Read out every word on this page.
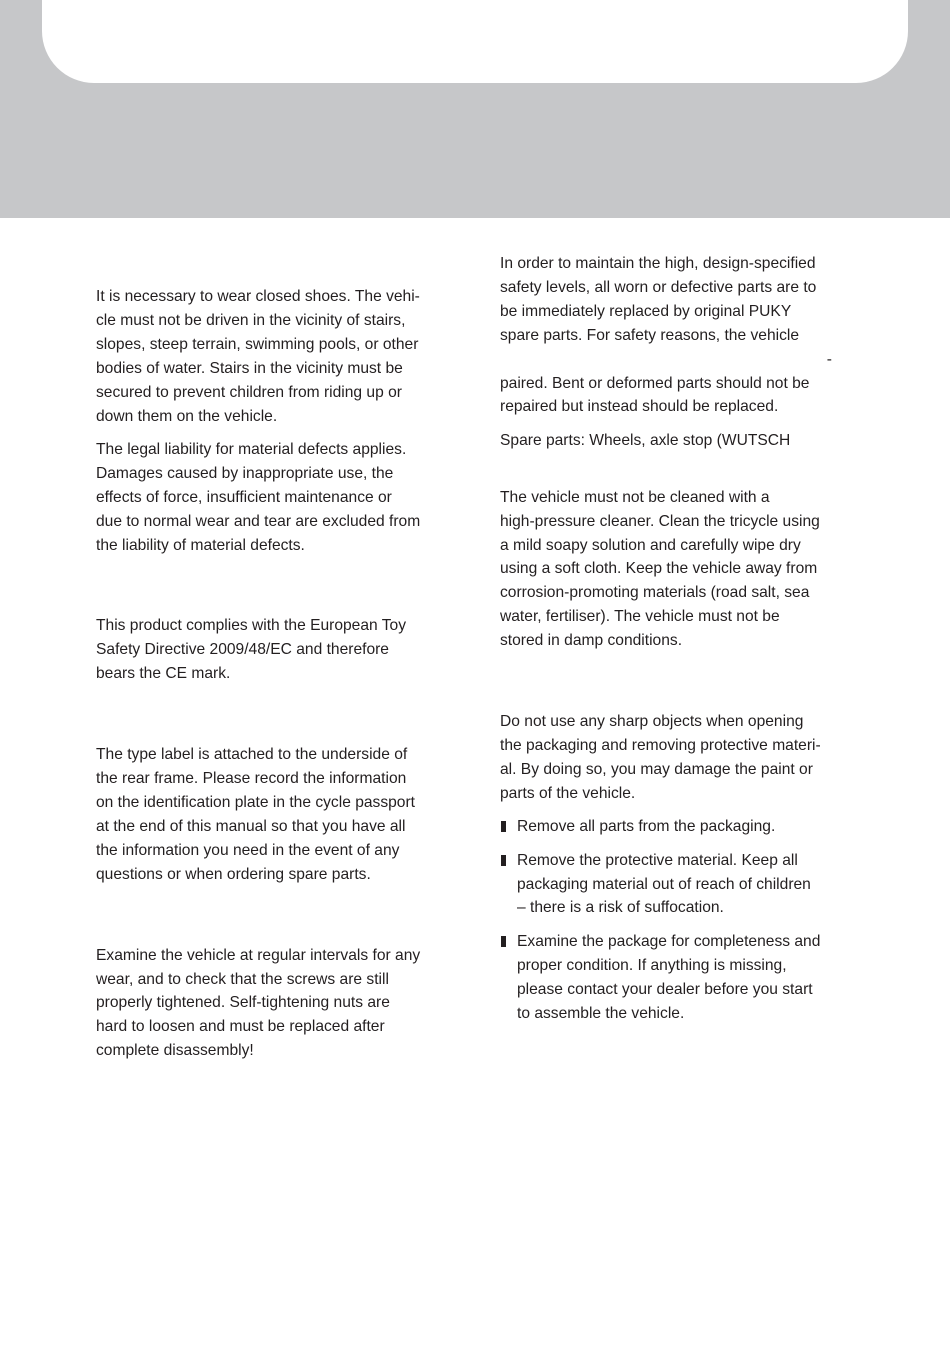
It is necessary to wear closed shoes. The vehi-
cle must not be driven in the vicinity of stairs,
slopes, steep terrain, swimming pools, or other
bodies of water. Stairs in the vicinity must be
secured to prevent children from riding up or
down them on the vehicle.

The legal liability for material defects applies.
Damages caused by inappropriate use, the
effects of force, insufficient maintenance or
due to normal wear and tear are excluded from
the liability of material defects.

This product complies with the European Toy
Safety Directive 2009/48/EC and therefore
bears the CE mark.

The type label is attached to the underside of
the rear frame. Please record the information
on the identification plate in the cycle passport
at the end of this manual so that you have all
the information you need in the event of any
questions or when ordering spare parts.

Examine the vehicle at regular intervals for any
wear, and to check that the screws are still
properly tightened. Self-tightening nuts are
hard to loosen and must be replaced after
complete disassembly!

In order to maintain the high, design-specified
safety levels, all worn or defective parts are to
be immediately replaced by original PUKY
spare parts. For safety reasons, the vehicle
-
paired. Bent or deformed parts should not be
repaired but instead should be replaced.

Spare parts: Wheels, axle stop (WUTSCH

The vehicle must not be cleaned with a
high-pressure cleaner. Clean the tricycle using
a mild soapy solution and carefully wipe dry
using a soft cloth. Keep the vehicle away from
corrosion-promoting materials (road salt, sea
water, fertiliser). The vehicle must not be
stored in damp conditions.

Do not use any sharp objects when opening
the packaging and removing protective materi-
al. By doing so, you may damage the paint or
parts of the vehicle.

Remove all parts from the packaging.
Remove the protective material. Keep all
packaging material out of reach of children
– there is a risk of suffocation.
Examine the package for completeness and
proper condition. If anything is missing,
please contact your dealer before you start
to assemble the vehicle.
